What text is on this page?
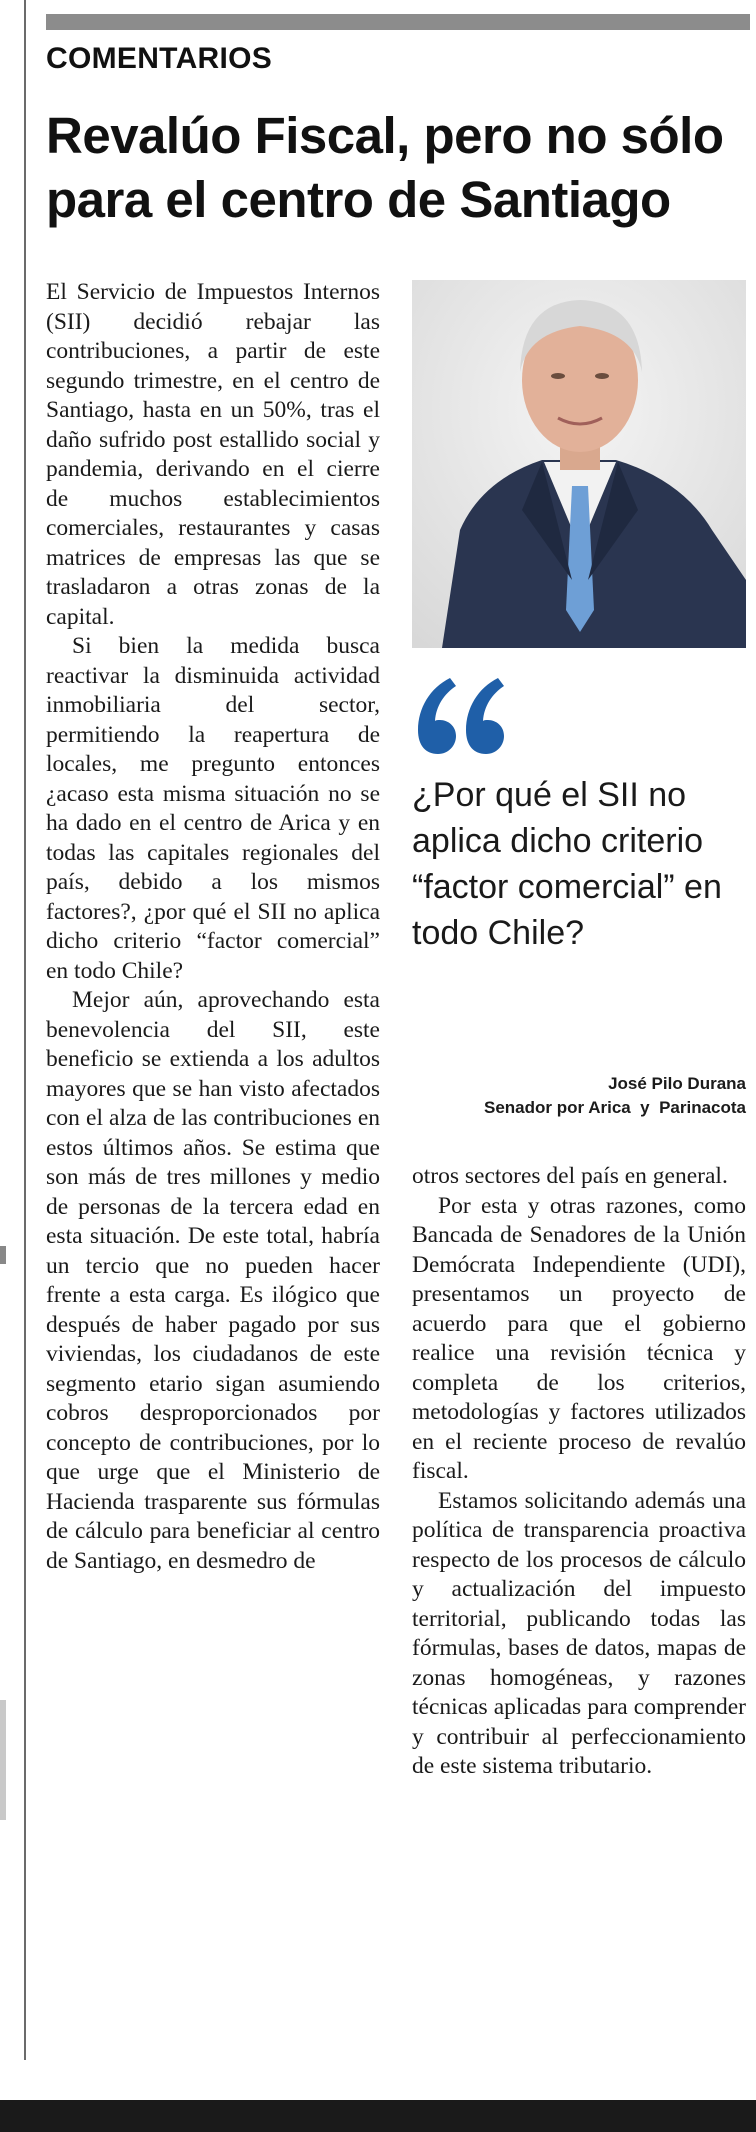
COMENTARIOS
Revalúo Fiscal, pero no sólo para el centro de Santiago

El Servicio de Impuestos Internos (SII) decidió rebajar las contribuciones, a partir de este segundo trimestre, en el centro de Santiago, hasta en un 50%, tras el daño sufrido post estallido social y pandemia, derivando en el cierre de muchos establecimientos comerciales, restaurantes y casas matrices de empresas las que se trasladaron a otras zonas de la capital.

Si bien la medida busca reactivar la disminuida actividad inmobiliaria del sector, permitiendo la reapertura de locales, me pregunto entonces ¿acaso esta misma situación no se ha dado en el centro de Arica y en todas las capitales regionales del país, debido a los mismos factores?, ¿por qué el SII no aplica dicho criterio “factor comercial” en todo Chile?

Mejor aún, aprovechando esta benevolencia del SII, este beneficio se extienda a los adultos mayores que se han visto afectados con el alza de las contribuciones en estos últimos años. Se estima que son más de tres millones y medio de personas de la tercera edad en esta situación. De este total, habría un tercio que no pueden hacer frente a esta carga. Es ilógico que después de haber pagado por sus viviendas, los ciudadanos de este segmento etario sigan asumiendo cobros desproporcionados por concepto de contribuciones, por lo que urge que el Ministerio de Hacienda trasparente sus fórmulas de cálculo para beneficiar al centro de Santiago, en desmedro de

¿Por qué el SII no aplica dicho criterio “factor comercial” en todo Chile?

José Pilo Durana
Senador por Arica  y  Parinacota

otros sectores del país en general.

Por esta y otras razones, como Bancada de Senadores de la Unión Demócrata Independiente (UDI), presentamos un proyecto de acuerdo para que el gobierno realice una revisión técnica y completa de los criterios, metodologías y factores utilizados en el reciente proceso de revalúo fiscal.

Estamos solicitando además una política de transparencia proactiva respecto de los procesos de cálculo y actualización del impuesto territorial, publicando todas las fórmulas, bases de datos, mapas de zonas homogéneas, y razones técnicas aplicadas para comprender y contribuir al perfeccionamiento de este sistema tributario.
